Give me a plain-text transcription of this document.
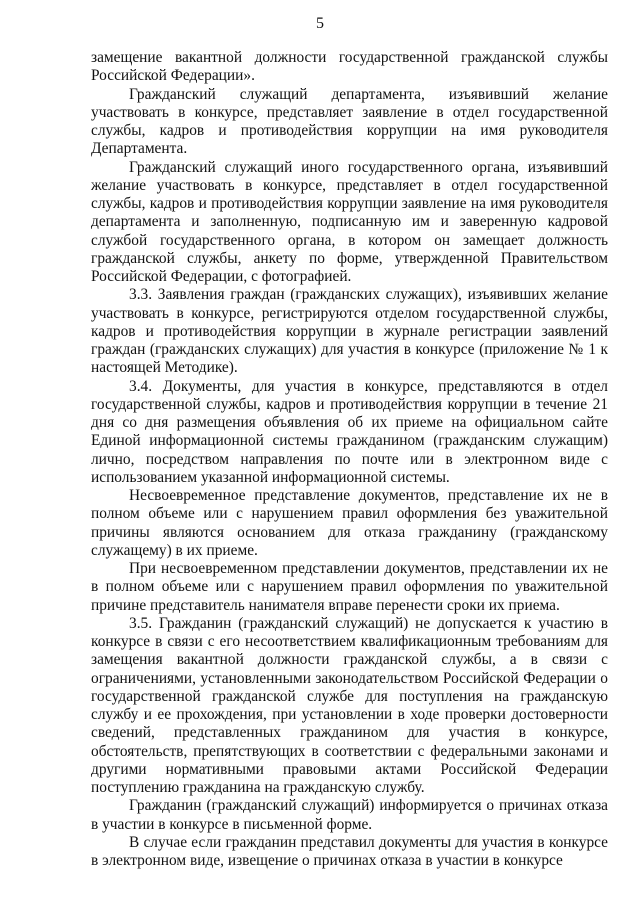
5

замещение вакантной должности государственной гражданской службы Российской Федерации».

Гражданский служащий департамента, изъявивший желание участвовать в конкурсе, представляет заявление в отдел государственной службы, кадров и противодействия коррупции на имя руководителя Департамента.

Гражданский служащий иного государственного органа, изъявивший желание участвовать в конкурсе, представляет в отдел государственной службы, кадров и противодействия коррупции заявление на имя руководителя департамента и заполненную, подписанную им и заверенную кадровой службой государственного органа, в котором он замещает должность гражданской службы, анкету по форме, утвержденной Правительством Российской Федерации, с фотографией.

3.3. Заявления граждан (гражданских служащих), изъявивших желание участвовать в конкурсе, регистрируются отделом государственной службы, кадров и противодействия коррупции в журнале регистрации заявлений граждан (гражданских служащих) для участия в конкурсе (приложение № 1 к настоящей Методике).

3.4. Документы, для участия в конкурсе, представляются в отдел государственной службы, кадров и противодействия коррупции в течение 21 дня со дня размещения объявления об их приеме на официальном сайте Единой информационной системы гражданином (гражданским служащим) лично, посредством направления по почте или в электронном виде с использованием указанной информационной системы.

Несвоевременное представление документов, представление их не в полном объеме или с нарушением правил оформления без уважительной причины являются основанием для отказа гражданину (гражданскому служащему) в их приеме.

При несвоевременном представлении документов, представлении их не в полном объеме или с нарушением правил оформления по уважительной причине представитель нанимателя вправе перенести сроки их приема.

3.5. Гражданин (гражданский служащий) не допускается к участию в конкурсе в связи с его несоответствием квалификационным требованиям для замещения вакантной должности гражданской службы, а в связи с ограничениями, установленными законодательством Российской Федерации о государственной гражданской службе для поступления на гражданскую службу и ее прохождения, при установлении в ходе проверки достоверности сведений, представленных гражданином для участия в конкурсе, обстоятельств, препятствующих в соответствии с федеральными законами и другими нормативными правовыми актами Российской Федерации поступлению гражданина на гражданскую службу.

Гражданин (гражданский служащий) информируется о причинах отказа в участии в конкурсе в письменной форме.

В случае если гражданин представил документы для участия в конкурсе в электронном виде, извещение о причинах отказа в участии в конкурсе
